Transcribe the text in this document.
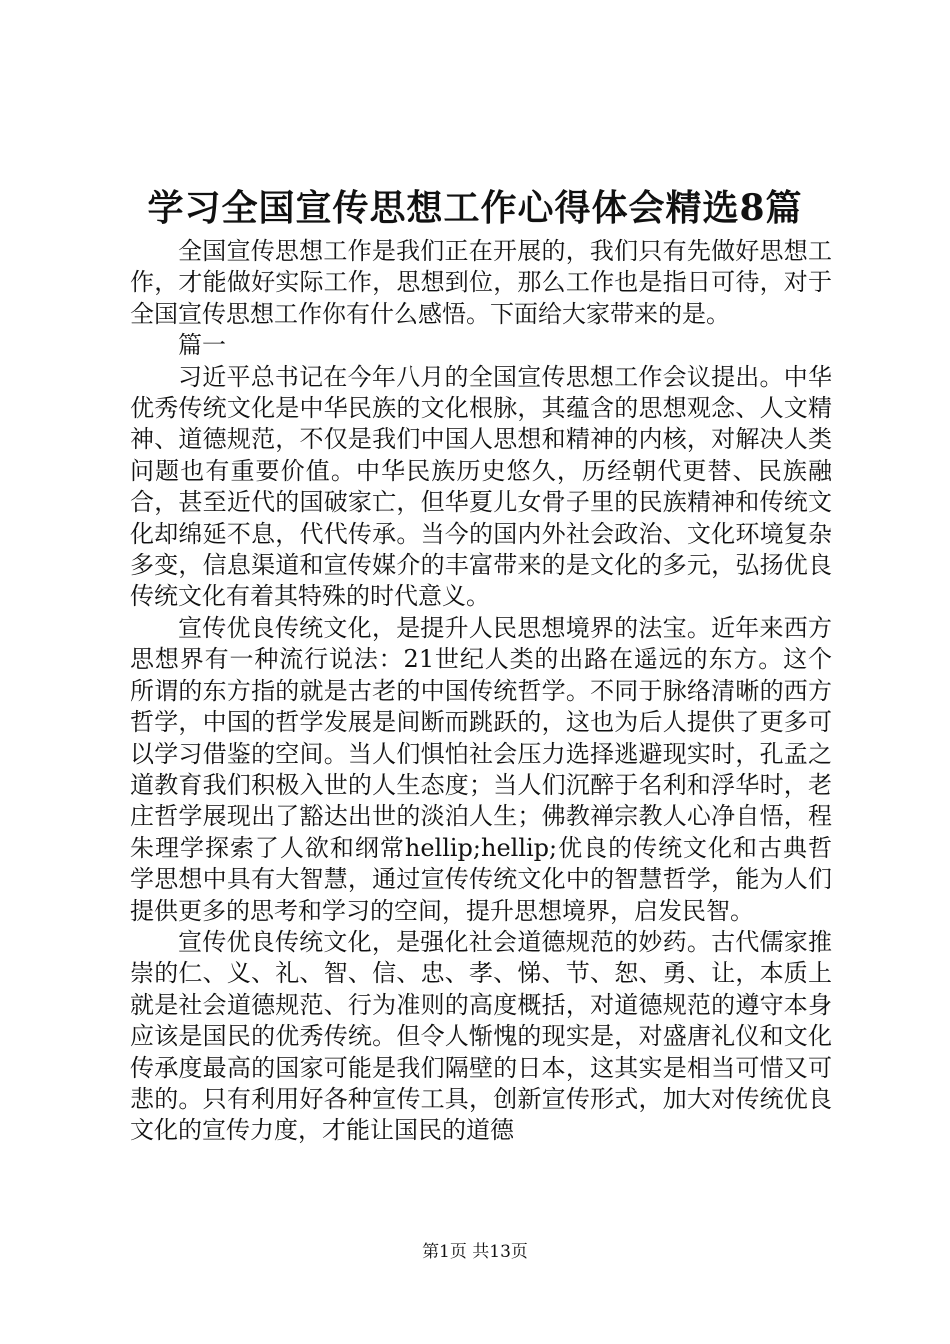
学习全国宣传思想工作心得体会精选8篇

全国宣传思想工作是我们正在开展的，我们只有先做好思想工作，才能做好实际工作，思想到位，那么工作也是指日可待，对于全国宣传思想工作你有什么感悟。下面给大家带来的是。

篇一

习近平总书记在今年八月的全国宣传思想工作会议提出。中华优秀传统文化是中华民族的文化根脉，其蕴含的思想观念、人文精神、道德规范，不仅是我们中国人思想和精神的内核，对解决人类问题也有重要价值。中华民族历史悠久，历经朝代更替、民族融合，甚至近代的国破家亡，但华夏儿女骨子里的民族精神和传统文化却绵延不息，代代传承。当今的国内外社会政治、文化环境复杂多变，信息渠道和宣传媒介的丰富带来的是文化的多元，弘扬优良传统文化有着其特殊的时代意义。

宣传优良传统文化，是提升人民思想境界的法宝。近年来西方思想界有一种流行说法：21世纪人类的出路在遥远的东方。这个所谓的东方指的就是古老的中国传统哲学。不同于脉络清晰的西方哲学，中国的哲学发展是间断而跳跃的，这也为后人提供了更多可以学习借鉴的空间。当人们惧怕社会压力选择逃避现实时，孔孟之道教育我们积极入世的人生态度；当人们沉醉于名利和浮华时，老庄哲学展现出了豁达出世的淡泊人生；佛教禅宗教人心净自悟，程朱理学探索了人欲和纲常hellip;hellip;优良的传统文化和古典哲学思想中具有大智慧，通过宣传传统文化中的智慧哲学，能为人们提供更多的思考和学习的空间，提升思想境界，启发民智。

宣传优良传统文化，是强化社会道德规范的妙药。古代儒家推崇的仁、义、礼、智、信、忠、孝、悌、节、恕、勇、让，本质上就是社会道德规范、行为准则的高度概括，对道德规范的遵守本身应该是国民的优秀传统。但令人惭愧的现实是，对盛唐礼仪和文化传承度最高的国家可能是我们隔壁的日本，这其实是相当可惜又可悲的。只有利用好各种宣传工具，创新宣传形式，加大对传统优良文化的宣传力度，才能让国民的道德

第1页 共13页
